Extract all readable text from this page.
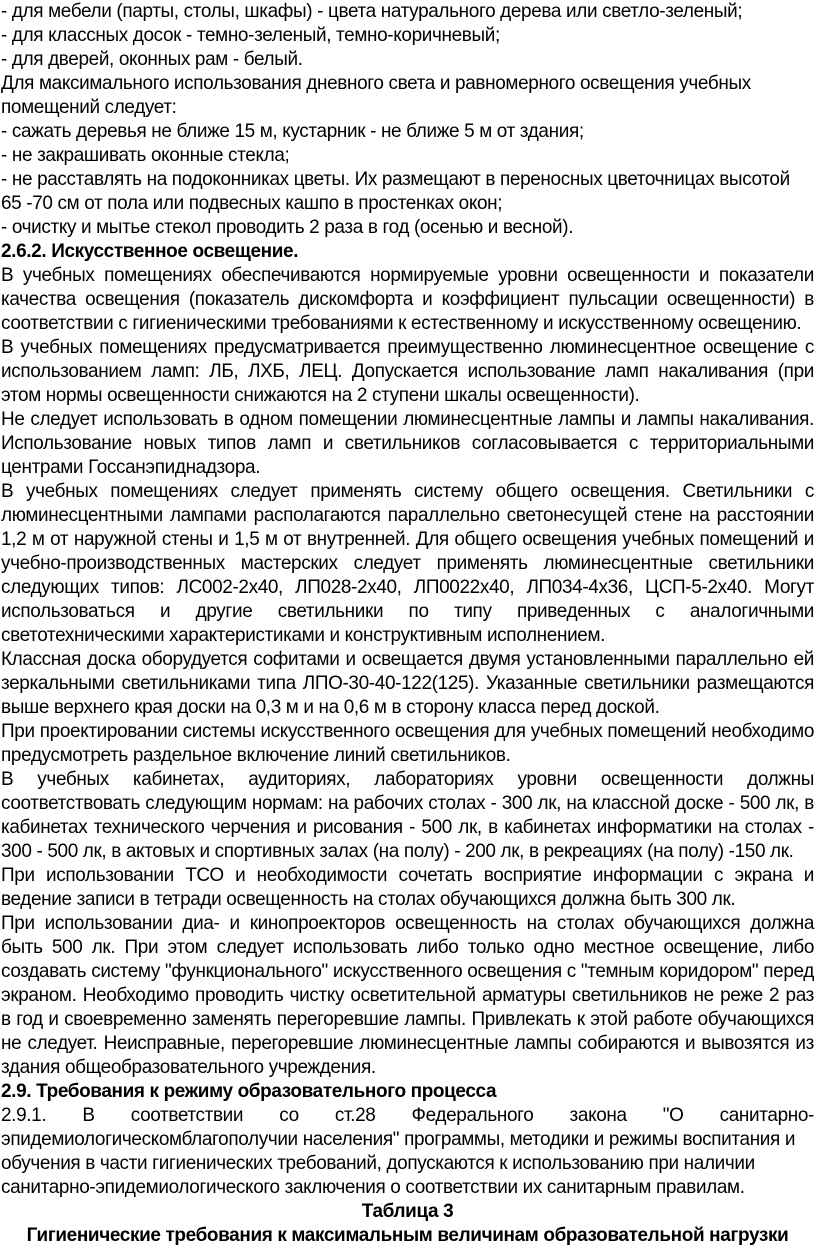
- для мебели (парты, столы, шкафы) - цвета натурального дерева или светло-зеленый;

- для классных досок - темно-зеленый, темно-коричневый;

- для дверей, оконных рам - белый.

Для максимального использования дневного света и равномерного освещения учебных помещений следует:

- сажать деревья не ближе 15 м, кустарник - не ближе 5 м от здания;

- не закрашивать оконные стекла;

- не расставлять на подоконниках цветы. Их размещают в переносных цветочницах высотой 65 -70 см от пола или подвесных кашпо в простенках окон;

- очистку и мытье стекол проводить 2 раза в год (осенью и весной).

2.6.2. Искусственное освещение.

В учебных помещениях обеспечиваются нормируемые уровни освещенности и показатели качества освещения (показатель дискомфорта и коэффициент пульсации освещенности) в соответствии с гигиеническими требованиями к естественному и искусственному освещению.

В учебных помещениях предусматривается преимущественно люминесцентное освещение с использованием ламп: ЛБ, ЛХБ, ЛЕЦ. Допускается использование ламп накаливания (при этом нормы освещенности снижаются на 2 ступени шкалы освещенности).

Не следует использовать в одном помещении люминесцентные лампы и лампы накаливания. Использование новых типов ламп и светильников согласовывается с территориальными центрами Госсанэпиднадзора.

В учебных помещениях следует применять систему общего освещения. Светильники с люминесцентными лампами располагаются параллельно светонесущей стене на расстоянии 1,2 м от наружной стены и 1,5 м от внутренней. Для общего освещения учебных помещений и учебно-производственных мастерских следует применять люминесцентные светильники следующих типов: ЛС002-2х40, ЛП028-2х40, ЛП0022х40, ЛП034-4х36, ЦСП-5-2х40. Могут использоваться и другие светильники по типу приведенных с аналогичными светотехническими характеристиками и конструктивным исполнением.

Классная доска оборудуется софитами и освещается двумя установленными параллельно ей зеркальными светильниками типа ЛПО-30-40-122(125). Указанные светильники размещаются выше верхнего края доски на 0,3 м и на 0,6 м в сторону класса перед доской.

При проектировании системы искусственного освещения для учебных помещений необходимо предусмотреть раздельное включение линий светильников.

В учебных кабинетах, аудиториях, лабораториях уровни освещенности должны соответствовать следующим нормам: на рабочих столах - 300 лк, на классной доске - 500 лк, в кабинетах технического черчения и рисования - 500 лк, в кабинетах информатики на столах - 300 - 500 лк, в актовых и спортивных залах (на полу) - 200 лк, в рекреациях (на полу) -150 лк.

При использовании ТСО и необходимости сочетать восприятие информации с экрана и ведение записи в тетради освещенность на столах обучающихся должна быть 300 лк.

При использовании диа- и кинопроекторов освещенность на столах обучающихся должна быть 500 лк. При этом следует использовать либо только одно местное освещение, либо создавать систему "функционального" искусственного освещения с "темным коридором" перед экраном. Необходимо проводить чистку осветительной арматуры светильников не реже 2 раз в год и своевременно заменять перегоревшие лампы. Привлекать к этой работе обучающихся не следует. Неисправные, перегоревшие люминесцентные лампы собираются и вывозятся из здания общеобразовательного учреждения.

2.9. Требования к режиму образовательного процесса

2.9.1. В соответствии со ст.28 Федерального закона "О санитарно-

эпидемиологическомблагополучии населения" программы, методики и режимы воспитания и обучения в части гигиенических требований, допускаются к использованию при наличии санитарно-эпидемиологического заключения о соответствии их санитарным правилам.

Таблица 3

Гигиенические требования к максимальным величинам образовательной нагрузки
